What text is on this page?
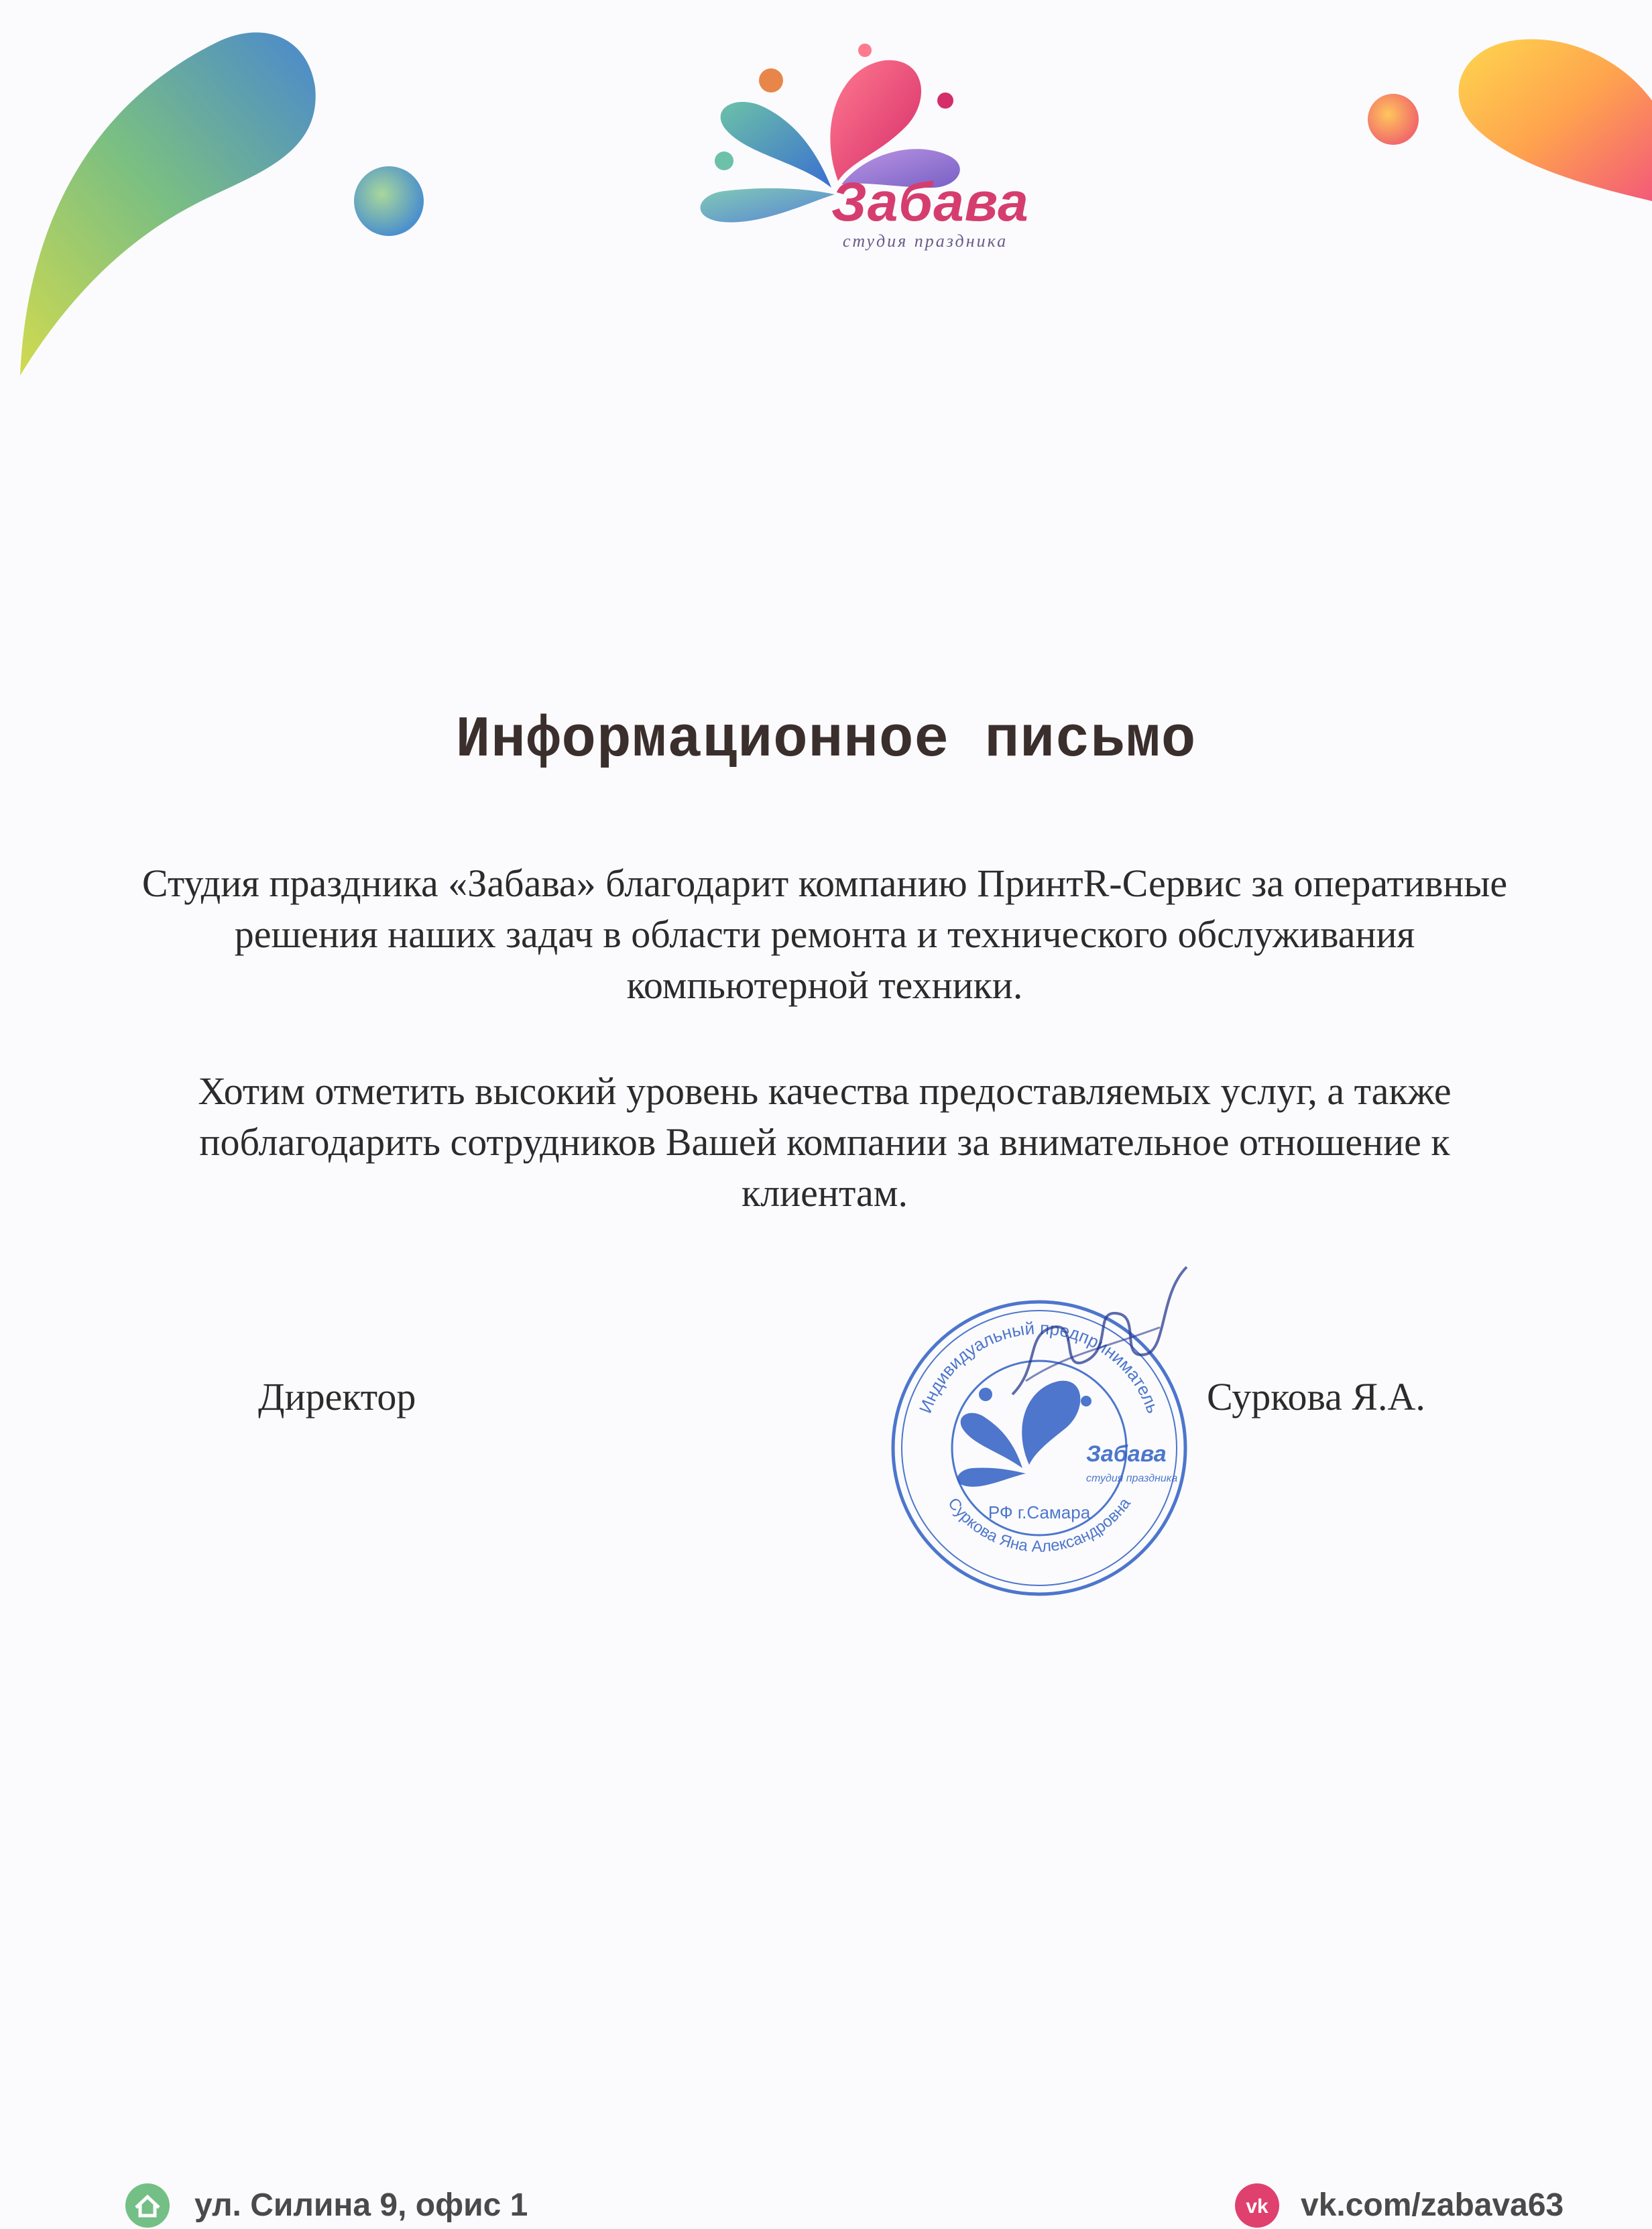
Забава
студия праздника
Информационное письмо
Студия праздника «Забава» благодарит компанию ПринтR-Сервис за оперативные решения наших задач в области ремонта и технического обслуживания компьютерной техники.
Хотим отметить высокий уровень качества предоставляемых услуг, а также поблагодарить сотрудников Вашей компании за внимательное отношение к клиентам.
Директор	Индивидуальный предприниматель
Суркова Яна Александровна
РФ г.Самара
Забава
студия праздника
Суркова Я.А.
ул. Силина 9, офис 1	vk vk.com/zabava63
